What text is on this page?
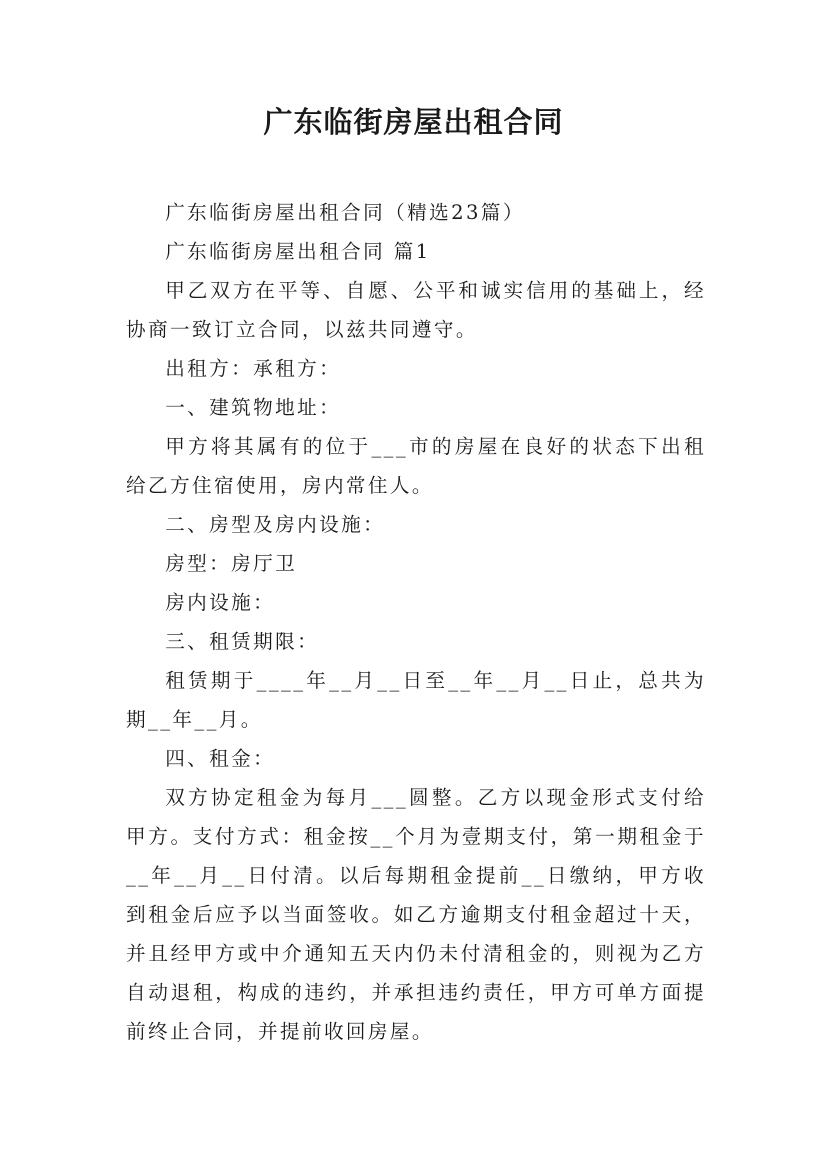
广东临街房屋出租合同

广东临街房屋出租合同（精选23篇）

广东临街房屋出租合同 篇1

甲乙双方在平等、自愿、公平和诚实信用的基础上，经协商一致订立合同，以兹共同遵守。

出租方：承租方：

一、建筑物地址：

甲方将其属有的位于___市的房屋在良好的状态下出租给乙方住宿使用，房内常住人。

二、房型及房内设施：

房型：房厅卫

房内设施：

三、租赁期限：

租赁期于____年__月__日至__年__月__日止，总共为期__年__月。

四、租金：

双方协定租金为每月___圆整。乙方以现金形式支付给甲方。支付方式：租金按__个月为壹期支付，第一期租金于__年__月__日付清。以后每期租金提前__日缴纳，甲方收到租金后应予以当面签收。如乙方逾期支付租金超过十天，并且经甲方或中介通知五天内仍未付清租金的，则视为乙方自动退租，构成的违约，并承担违约责任，甲方可单方面提前终止合同，并提前收回房屋。
